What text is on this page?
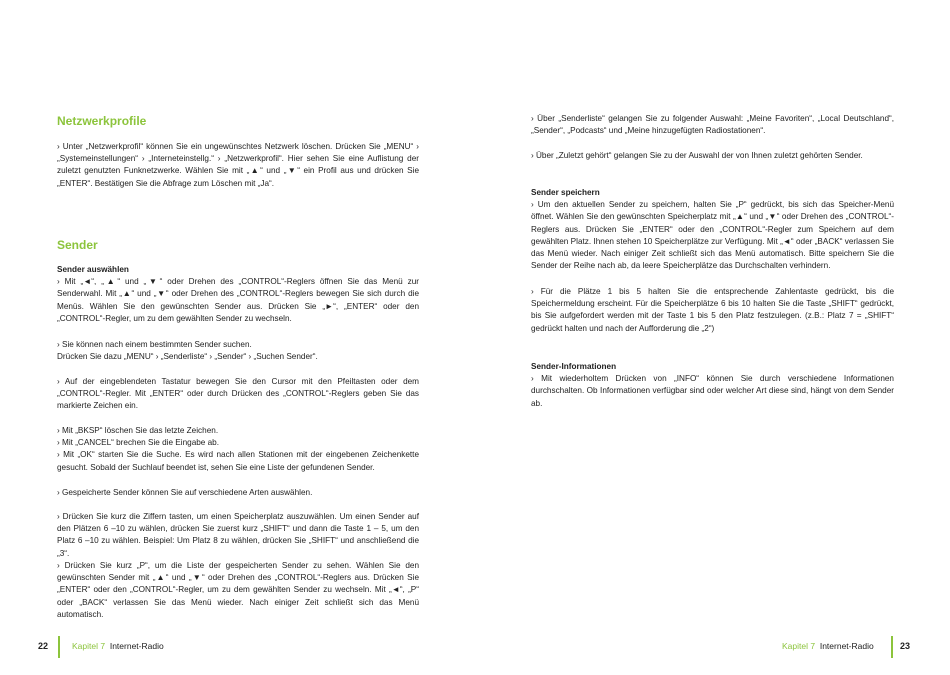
Netzwerkprofile

› Unter „Netzwerkprofil“ können Sie ein ungewünschtes Netzwerk löschen. Drücken Sie „MENU“ › „Systemeinstellungen“ › „Interneteinstellg.“ › „Netzwerkprofil“. Hier sehen Sie eine Auflistung der zuletzt genutzten Funknetzwerke. Wählen Sie mit „▲“ und „▼“ ein Profil aus und drücken Sie „ENTER“. Bestätigen Sie die Abfrage zum Löschen mit „Ja“.

Sender

Sender auswählen

› Mit „◄“, „▲“ und „▼“ oder Drehen des „CONTROL“-Reglers öffnen Sie das Menü zur Senderwahl. Mit „▲“ und „▼“ oder Drehen des „CONTROL“-Reglers bewegen Sie sich durch die Menüs. Wählen Sie den gewünschten Sender aus. Drücken Sie „►“, „ENTER“ oder den „CONTROL“-Regler, um zu dem gewählten Sender zu wechseln.

› Sie können nach einem bestimmten Sender suchen.

Drücken Sie dazu „MENU“ › „Senderliste“ › „Sender“ › „Suchen Sender“.

› Auf der eingeblendeten Tastatur bewegen Sie den Cursor mit den Pfeiltasten oder dem „CONTROL“-Regler. Mit „ENTER“ oder durch Drücken des „CONTROL“-Reglers geben Sie das markierte Zeichen ein.

› Mit „BKSP“ löschen Sie das letzte Zeichen.

› Mit „CANCEL“ brechen Sie die Eingabe ab.

› Mit „OK“ starten Sie die Suche. Es wird nach allen Stationen mit der eingebenen Zeichenkette gesucht. Sobald der Suchlauf beendet ist, sehen Sie eine Liste der gefundenen Sender.

› Gespeicherte Sender können Sie auf verschiedene Arten auswählen.

› Drücken Sie kurz die Ziffern tasten, um einen Speicherplatz auszuwählen. Um einen Sender auf den Plätzen 6 –10 zu wählen, drücken Sie zuerst kurz „SHIFT“ und dann die Taste 1 – 5, um den Platz 6 –10 zu wählen. Beispiel: Um Platz 8 zu wählen, drücken Sie „SHIFT“ und anschließend die „3“.

› Drücken Sie kurz „P“, um die Liste der gespeicherten Sender zu sehen. Wählen Sie den gewünschten Sender mit „▲“ und „▼“ oder Drehen des „CONTROL“-Reglers aus. Drücken Sie „ENTER“ oder den „CONTROL“-Regler, um zu dem gewählten Sender zu wechseln. Mit „◄“, „P“ oder „BACK“ verlassen Sie das Menü wieder. Nach einiger Zeit schließt sich das Menü automatisch.

› Über „Senderliste“ gelangen Sie zu folgender Auswahl: „Meine Favoriten“, „Local Deutschland“, „Sender“, „Podcasts“ und „Meine hinzugefügten Radiostationen“.

› Über „Zuletzt gehört“ gelangen Sie zu der Auswahl der von Ihnen zuletzt gehörten Sender.

Sender speichern

› Um den aktuellen Sender zu speichern, halten Sie „P“ gedrückt, bis sich das Speicher-Menü öffnet. Wählen Sie den gewünschten Speicherplatz mit „▲“ und „▼“ oder Drehen des „CONTROL“-Reglers aus. Drücken Sie „ENTER“ oder den „CONTROL“-Regler zum Speichern auf dem gewählten Platz. Ihnen stehen 10 Speicherplätze zur Verfügung. Mit „◄“ oder „BACK“ verlassen Sie das Menü wieder. Nach einiger Zeit schließt sich das Menü automatisch. Bitte speichern Sie die Sender der Reihe nach ab, da leere Speicherplätze das Durchschalten verhindern.

› Für die Plätze 1 bis 5 halten Sie die entsprechende Zahlentaste gedrückt, bis die Speichermeldung erscheint. Für die Speicherplätze 6 bis 10 halten Sie die Taste „SHIFT“ gedrückt, bis Sie aufgefordert werden mit der Taste 1 bis 5 den Platz festzulegen. (z.B.: Platz 7 = „SHIFT“ gedrückt halten und nach der Aufforderung die „2“)

Sender-Informationen

› Mit wiederholtem Drücken von „INFO“ können Sie durch verschiedene Informationen durchschalten. Ob Informationen verfügbar sind oder welcher Art diese sind, hängt von dem Sender ab.

22	Kapitel 7 Internet-Radio	Kapitel 7 Internet-Radio	23
